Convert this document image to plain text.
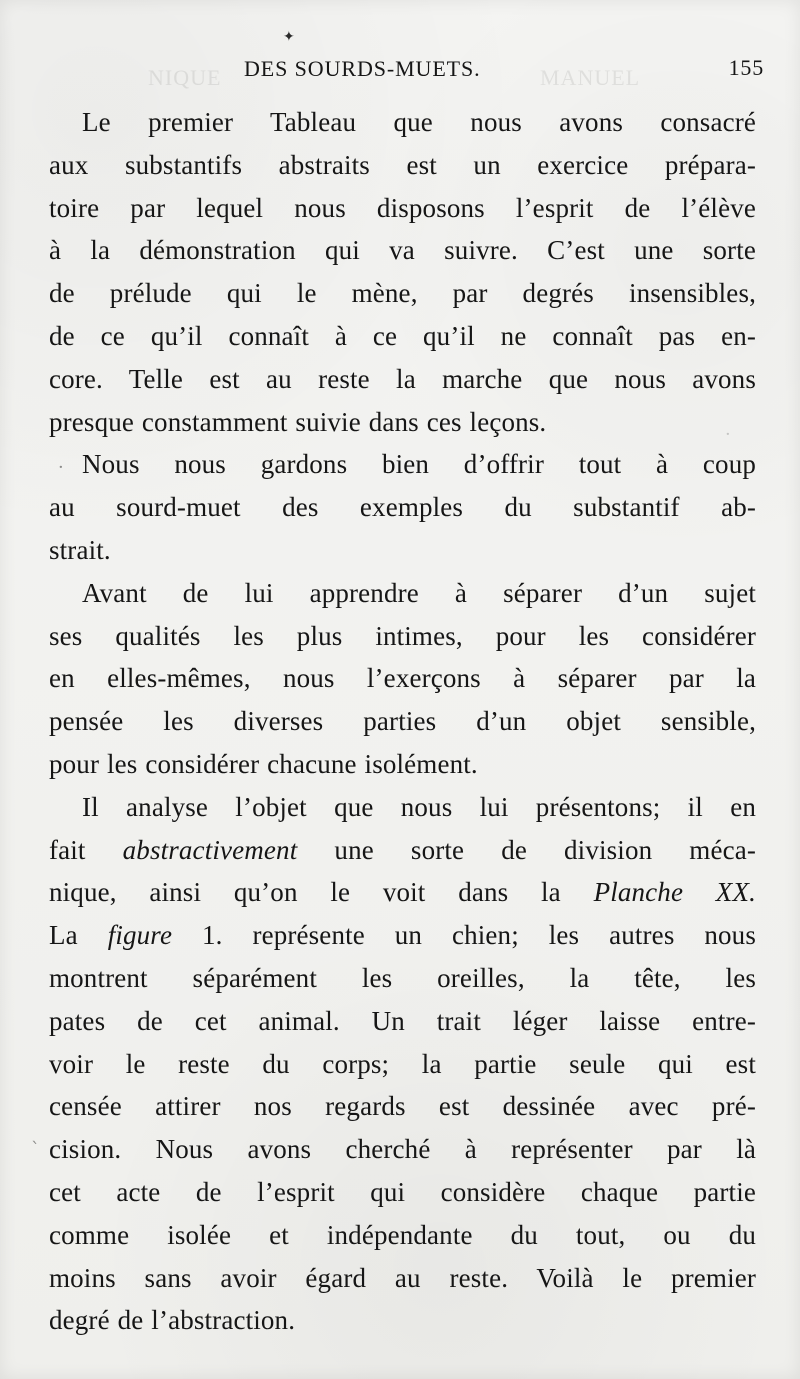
✦
NIQUE	MANUEL
DES SOURDS-MUETS.	155
Le premier Tableau que nous avons consacré
aux substantifs abstraits est un exercice prépara-
toire par lequel nous disposons l’esprit de l’élève
à la démonstration qui va suivre. C’est une sorte
de prélude qui le mène, par degrés insensibles,
de ce qu’il connaît à ce qu’il ne connaît pas en-
core. Telle est au reste la marche que nous avons
presque constamment suivie dans ces leçons.
Nous nous gardons bien d’offrir tout à coup
au sourd-muet des exemples du substantif ab-
strait.
Avant de lui apprendre à séparer d’un sujet
ses qualités les plus intimes, pour les considérer
en elles-mêmes, nous l’exerçons à séparer par la
pensée les diverses parties d’un objet sensible,
pour les considérer chacune isolément.
Il analyse l’objet que nous lui présentons; il en
fait abstractivement une sorte de division méca-
nique, ainsi qu’on le voit dans la Planche XX.
La figure 1. représente un chien; les autres nous
montrent séparément les oreilles, la tête, les
pates de cet animal. Un trait léger laisse entre-
voir le reste du corps; la partie seule qui est
censée attirer nos regards est dessinée avec pré-
cision. Nous avons cherché à représenter par là
cet acte de l’esprit qui considère chaque partie
comme isolée et indépendante du tout, ou du
moins sans avoir égard au reste. Voilà le premier
degré de l’abstraction.
·
`
·
